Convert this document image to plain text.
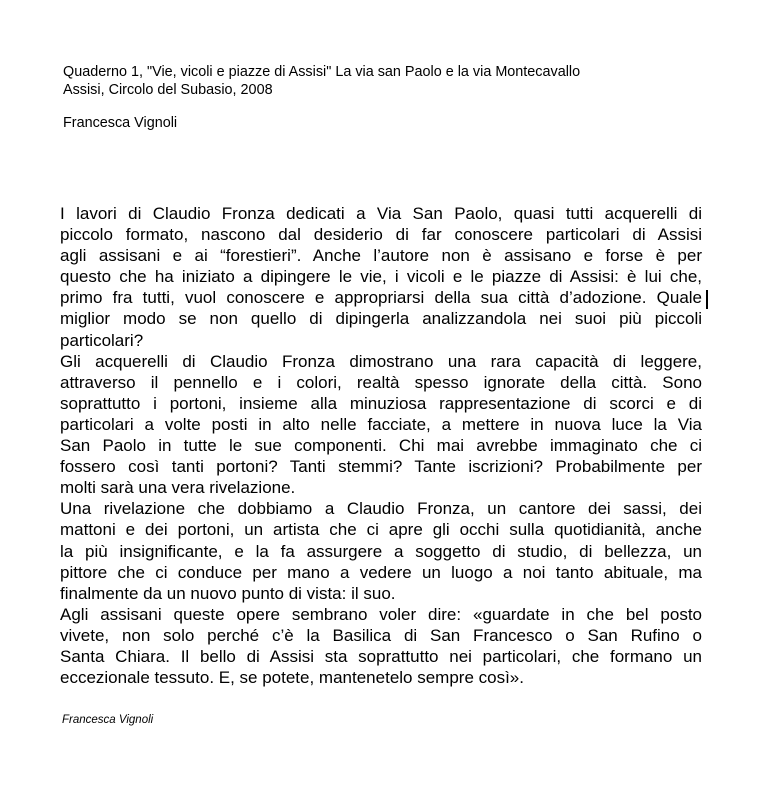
Quaderno 1, "Vie, vicoli e piazze di Assisi" La via san Paolo e la via Montecavallo
Assisi, Circolo del Subasio, 2008
Francesca Vignoli
I lavori di Claudio Fronza dedicati a Via San Paolo, quasi tutti acquerelli di
piccolo formato, nascono dal desiderio di far conoscere particolari di Assisi
agli assisani e ai “forestieri”. Anche l’autore non è assisano e forse è per
questo che ha iniziato a dipingere le vie, i vicoli e le piazze di Assisi: è lui che,
primo fra tutti, vuol conoscere e appropriarsi della sua città d’adozione. Quale
miglior modo se non quello di dipingerla analizzandola nei suoi più piccoli
particolari?
Gli acquerelli di Claudio Fronza dimostrano una rara capacità di leggere,
attraverso il pennello e i colori, realtà spesso ignorate della città. Sono
soprattutto i portoni, insieme alla minuziosa rappresentazione di scorci e di
particolari a volte posti in alto nelle facciate, a mettere in nuova luce la Via
San Paolo in tutte le sue componenti. Chi mai avrebbe immaginato che ci
fossero così tanti portoni? Tanti stemmi? Tante iscrizioni? Probabilmente per
molti sarà una vera rivelazione.
Una rivelazione che dobbiamo a Claudio Fronza, un cantore dei sassi, dei
mattoni e dei portoni, un artista che ci apre gli occhi sulla quotidianità, anche
la più insignificante, e la fa assurgere a soggetto di studio, di bellezza, un
pittore che ci conduce per mano a vedere un luogo a noi tanto abituale, ma
finalmente da un nuovo punto di vista: il suo.
Agli assisani queste opere sembrano voler dire: «guardate in che bel posto
vivete, non solo perché c’è la Basilica di San Francesco o San Rufino o
Santa Chiara. Il bello di Assisi sta soprattutto nei particolari, che formano un
eccezionale tessuto. E, se potete, mantenetelo sempre così».
Francesca Vignoli
